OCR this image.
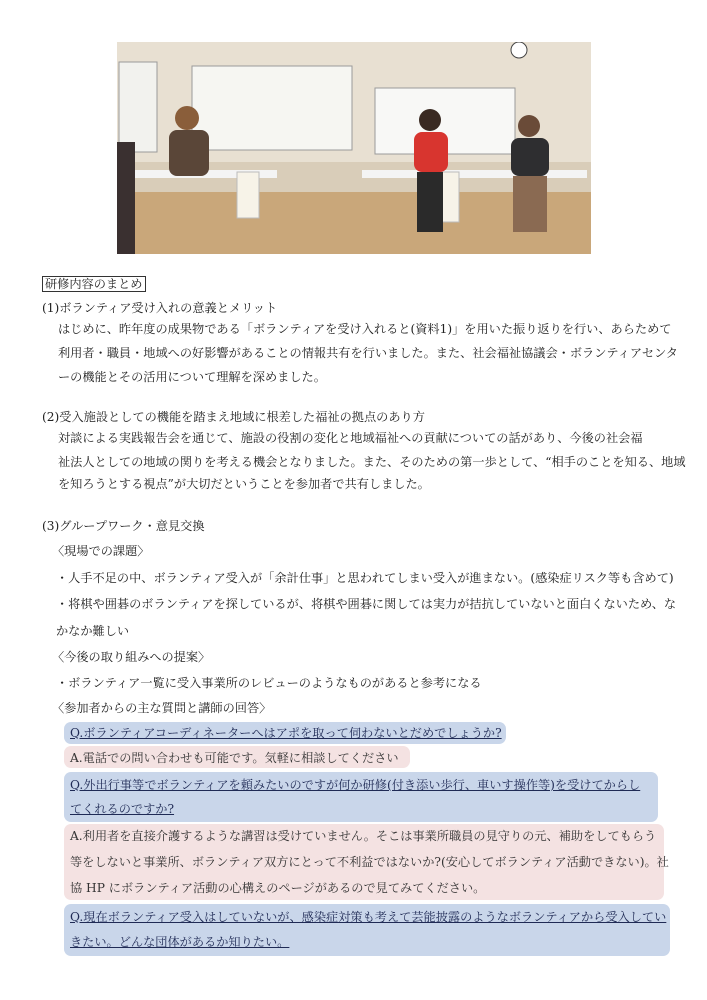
研修内容のまとめ
(1)ボランティア受け入れの意義とメリット
はじめに、昨年度の成果物である「ボランティアを受け入れると(資料1)」を用いた振り返りを行い、あらためて
利用者・職員・地域への好影響があることの情報共有を行いました。また、社会福祉協議会・ボランティアセンタ
ーの機能とその活用について理解を深めました。
(2)受入施設としての機能を踏まえ地域に根差した福祉の拠点のあり方
対談による実践報告会を通じて、施設の役割の変化と地域福祉への貢献についての話があり、今後の社会福
祉法人としての地域の関りを考える機会となりました。また、そのための第一歩として、“相手のことを知る、地域
を知ろうとする視点”が大切だということを参加者で共有しました。
(3)グループワーク・意見交換
〈現場での課題〉
・人手不足の中、ボランティア受入が「余計仕事」と思われてしまい受入が進まない。(感染症リスク等も含めて)
・将棋や囲碁のボランティアを探しているが、将棋や囲碁に関しては実力が拮抗していないと面白くないため、な
かなか難しい
〈今後の取り組みへの提案〉
・ボランティア一覧に受入事業所のレビューのようなものがあると参考になる
〈参加者からの主な質問と講師の回答〉
Q.ボランティアコーディネーターへはアポを取って伺わないとだめでしょうか?
A.電話での問い合わせも可能です。気軽に相談してください
Q.外出行事等でボランティアを頼みたいのですが何か研修(付き添い歩行、車いす操作等)を受けてからし
てくれるのですか?
A.利用者を直接介護するような講習は受けていません。そこは事業所職員の見守りの元、補助をしてもらう
等をしないと事業所、ボランティア双方にとって不利益ではないか?(安心してボランティア活動できない)。社
協 HP にボランティア活動の心構えのページがあるので見てみてください。
Q.現在ボランティア受入はしていないが、感染症対策も考えて芸能披露のようなボランティアから受入してい
きたい。どんな団体があるか知りたい。
